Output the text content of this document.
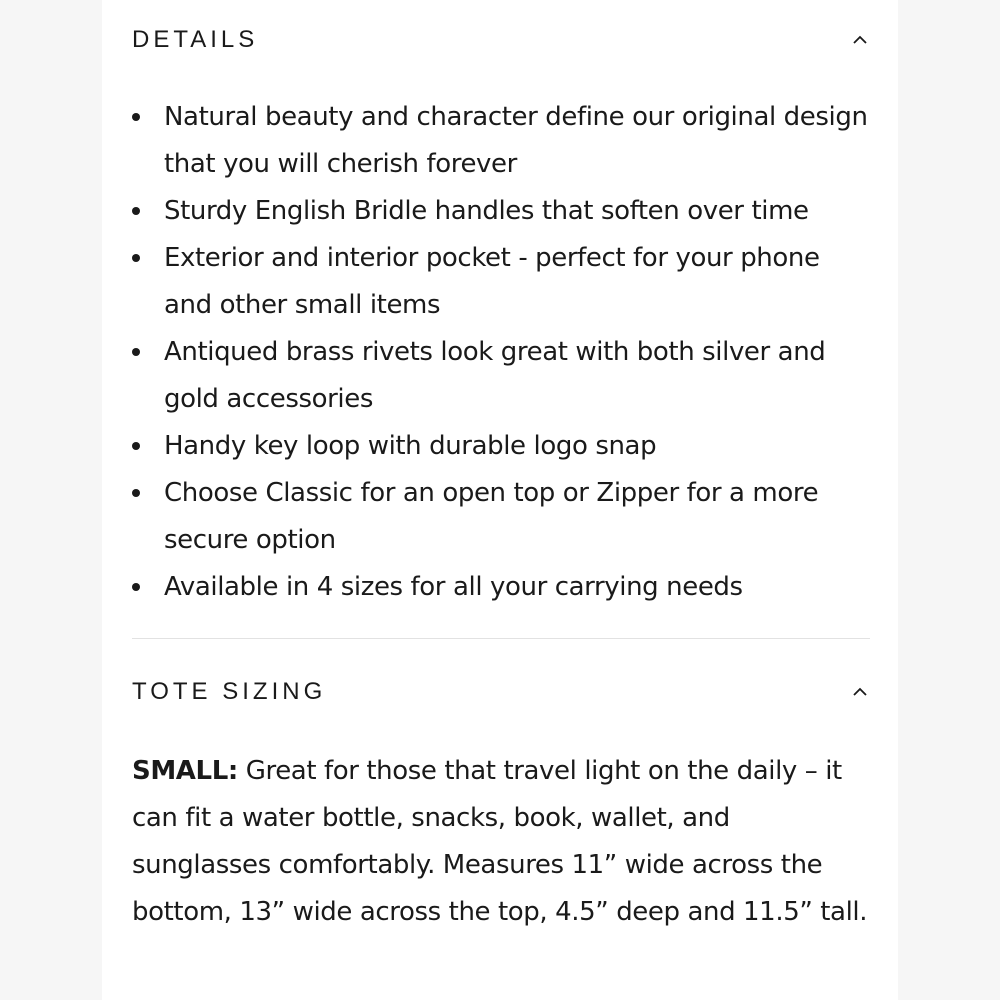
DETAILS
Natural beauty and character define our original design that you will cherish forever
Sturdy English Bridle handles that soften over time
Exterior and interior pocket - perfect for your phone and other small items
Antiqued brass rivets look great with both silver and gold accessories
Handy key loop with durable logo snap
Choose Classic for an open top or Zipper for a more secure option
Available in 4 sizes for all your carrying needs
TOTE SIZING

SMALL: Great for those that travel light on the daily – it can fit a water bottle, snacks, book, wallet, and sunglasses comfortably. Measures 11” wide across the bottom, 13” wide across the top, 4.5” deep and 11.5” tall.
